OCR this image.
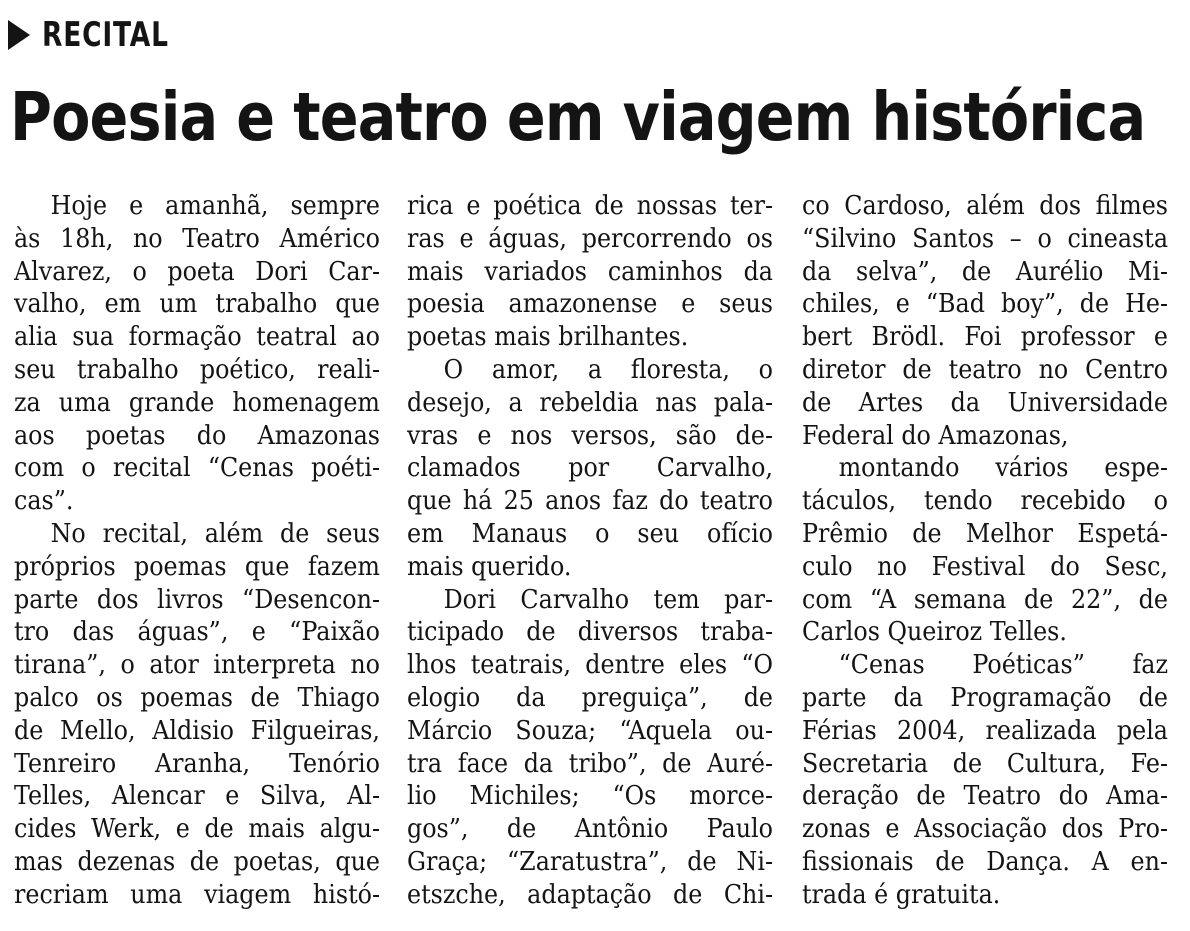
RECITAL
Poesia e teatro em viagem histórica
Hoje e amanhã, sempre
às 18h, no Teatro Américo
Alvarez, o poeta Dori Car-
valho, em um trabalho que
alia sua formação teatral ao
seu trabalho poético, reali-
za uma grande homenagem
aos poetas do Amazonas
com o recital “Cenas poéti-
cas”.
No recital, além de seus
próprios poemas que fazem
parte dos livros “Desencon-
tro das águas”, e “Paixão
tirana”, o ator interpreta no
palco os poemas de Thiago
de Mello, Aldisio Filgueiras,
Tenreiro Aranha, Tenório
Telles, Alencar e Silva, Al-
cides Werk, e de mais algu-
mas dezenas de poetas, que
recriam uma viagem histó-
rica e poética de nossas ter-
ras e águas, percorrendo os
mais variados caminhos da
poesia amazonense e seus
poetas mais brilhantes.
O amor, a floresta, o
desejo, a rebeldia nas pala-
vras e nos versos, são de-
clamados por Carvalho,
que há 25 anos faz do teatro
em Manaus o seu ofício
mais querido.
Dori Carvalho tem par-
ticipado de diversos traba-
lhos teatrais, dentre eles “O
elogio da preguiça”, de
Márcio Souza; “Aquela ou-
tra face da tribo”, de Auré-
lio Michiles; “Os morce-
gos”, de Antônio Paulo
Graça; “Zaratustra”, de Ni-
etszche, adaptação de Chi-
co Cardoso, além dos filmes
“Silvino Santos – o cineasta
da selva”, de Aurélio Mi-
chiles, e “Bad boy”, de He-
bert Brödl. Foi professor e
diretor de teatro no Centro
de Artes da Universidade
Federal do Amazonas,
montando vários espe-
táculos, tendo recebido o
Prêmio de Melhor Espetá-
culo no Festival do Sesc,
com “A semana de 22”, de
Carlos Queiroz Telles.
“Cenas Poéticas” faz
parte da Programação de
Férias 2004, realizada pela
Secretaria de Cultura, Fe-
deração de Teatro do Ama-
zonas e Associação dos Pro-
fissionais de Dança. A en-
trada é gratuita.
